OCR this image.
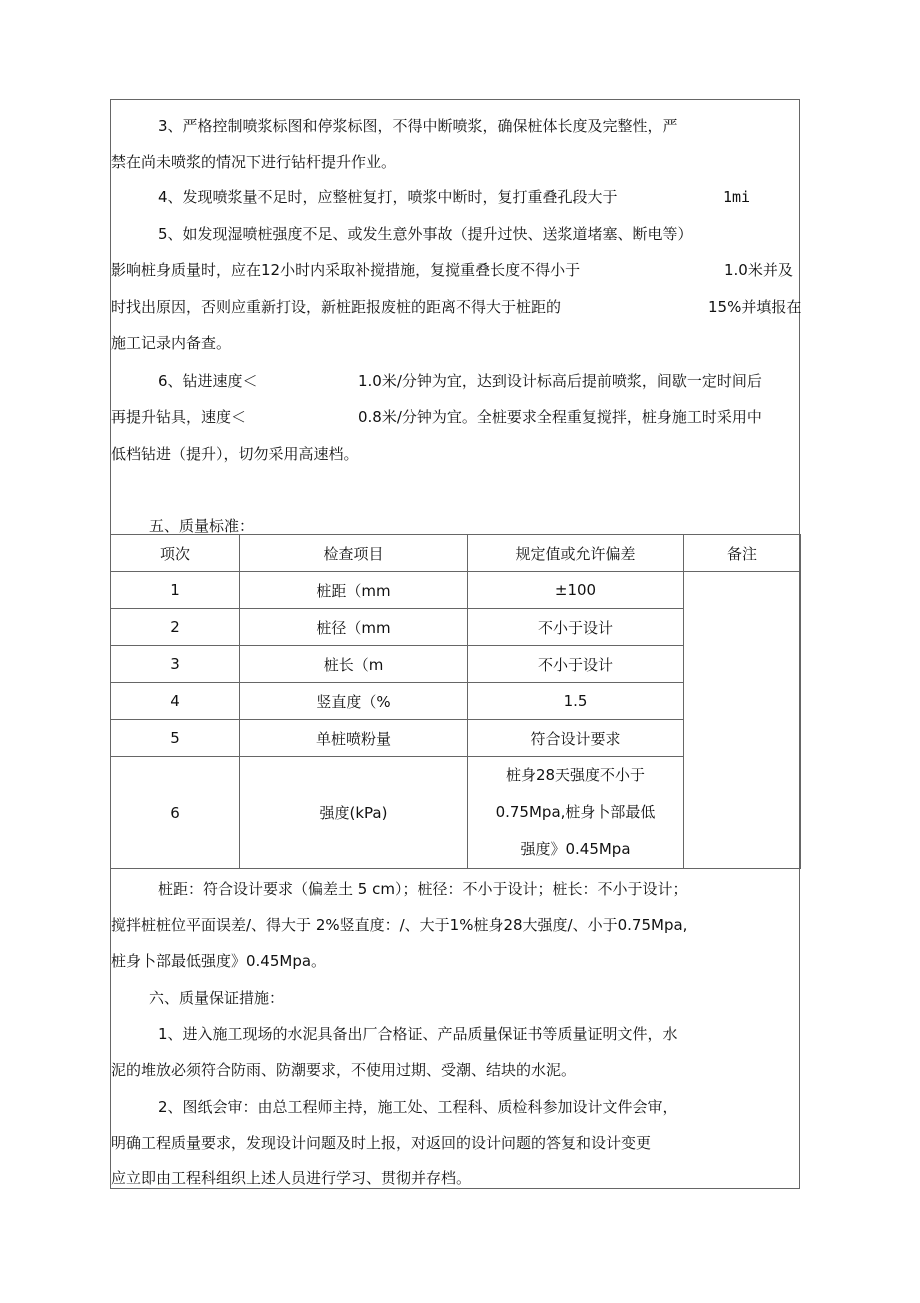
3、严格控制喷浆标图和停浆标图，不得中断喷浆，确保桩体长度及完整性，严
禁在尚未喷浆的情况下进行钻杆提升作业。
4、发现喷浆量不足时，应整桩复打，喷浆中断时，复打重叠孔段大于	1mi
5、如发现湿喷桩强度不足、或发生意外事故（提升过快、送浆道堵塞、断电等）
影响桩身质量时，应在12小时内采取补搅措施，复搅重叠长度不得小于	1.0米并及
时找出原因，否则应重新打设，新桩距报废桩的距离不得大于桩距的	15%并填报在
施工记录内备查。
6、钻进速度＜	1.0米/分钟为宜，达到设计标高后提前喷浆，间歇一定时间后
再提升钻具，速度＜	0.8米/分钟为宜。全桩要求全程重复搅拌，桩身施工时采用中
低档钻进（提升），切勿采用高速档。
五、质量标准：
项次	检查项目	规定值或允许偏差	备注
1	桩距（mm	±100	
2	桩径（mm	不小于设计	
3	桩长（m	不小于设计	
4	竖直度（%	1.5	
5	单桩喷粉量	符合设计要求	
6	强度(kPa)	桩身28天强度不小于
0.75Mpa,桩身卜部最低
强度》0.45Mpa	
桩距：符合设计要求（偏差土 5 cm）；桩径：不小于设计；桩长：不小于设计；
搅拌桩桩位平面误差/、得大于 2%竖直度：/、大于1%桩身28大强度/、小于0.75Mpa,
桩身卜部最低强度》0.45Mpa。
六、质量保证措施：
1、进入施工现场的水泥具备出厂合格证、产品质量保证书等质量证明文件，水
泥的堆放必须符合防雨、防潮要求，不使用过期、受潮、结块的水泥。
2、图纸会审：由总工程师主持，施工处、工程科、质检科参加设计文件会审，
明确工程质量要求，发现设计问题及时上报，对返回的设计问题的答复和设计变更
应立即由工程科组织上述人员进行学习、贯彻并存档。
